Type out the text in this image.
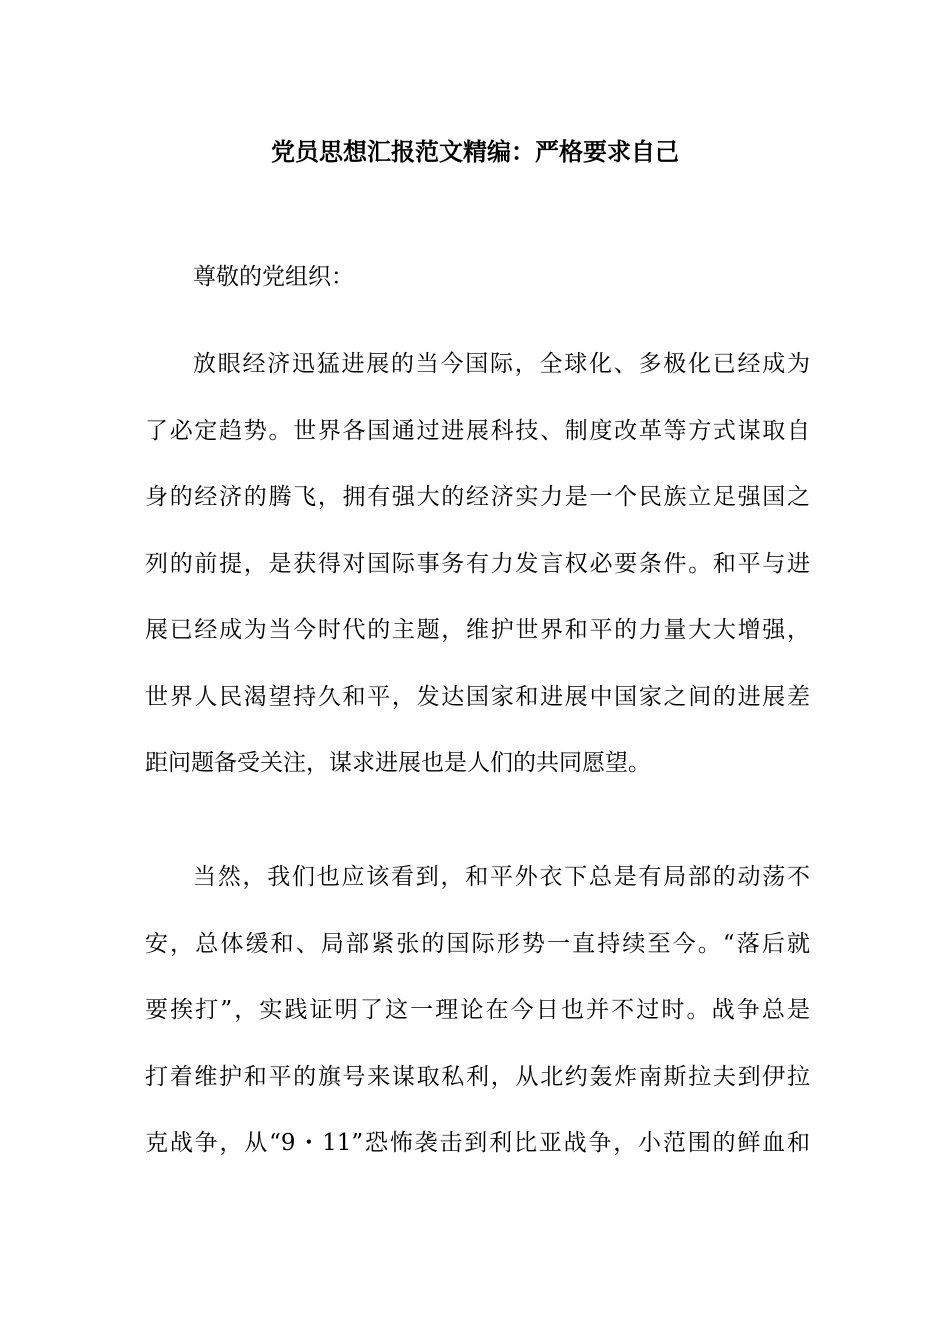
党员思想汇报范文精编：严格要求自己
尊敬的党组织：
放眼经济迅猛进展的当今国际，全球化、多极化已经成为
了必定趋势。世界各国通过进展科技、制度改革等方式谋取自
身的经济的腾飞，拥有强大的经济实力是一个民族立足强国之
列的前提，是获得对国际事务有力发言权必要条件。和平与进
展已经成为当今时代的主题，维护世界和平的力量大大增强，
世界人民渴望持久和平，发达国家和进展中国家之间的进展差
距问题备受关注，谋求进展也是人们的共同愿望。
当然，我们也应该看到，和平外衣下总是有局部的动荡不
安，总体缓和、局部紧张的国际形势一直持续至今。“落后就
要挨打”，实践证明了这一理论在今日也并不过时。战争总是
打着维护和平的旗号来谋取私利，从北约轰炸南斯拉夫到伊拉
克战争，从“9・11”恐怖袭击到利比亚战争，小范围的鲜血和
